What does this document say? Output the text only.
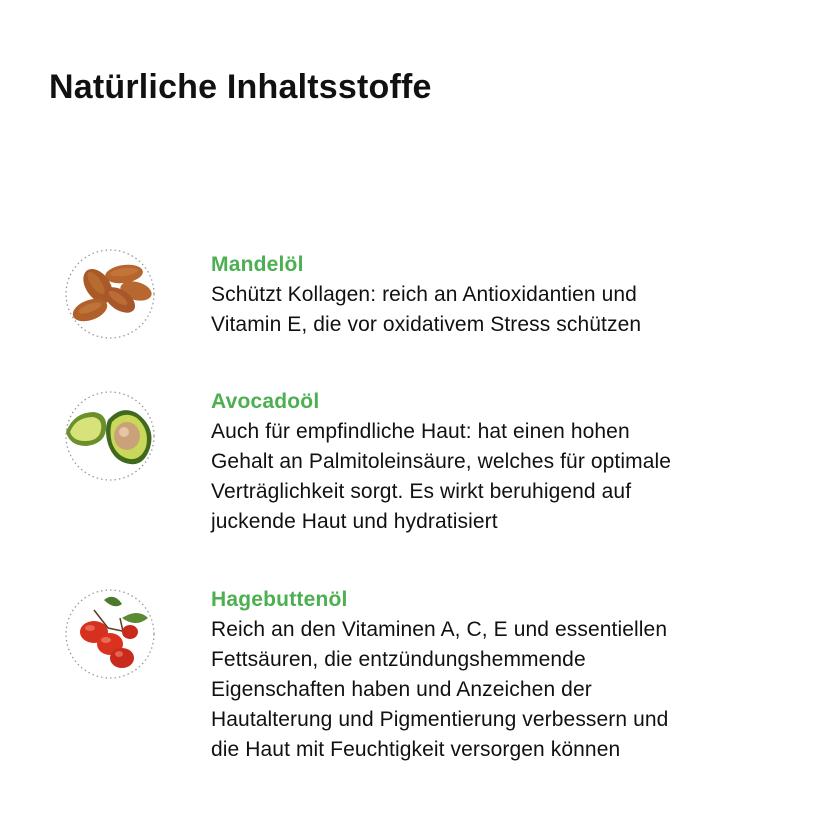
Natürliche Inhaltsstoffe
Mandelöl

Schützt Kollagen: reich an Antioxidantien und
Vitamin E, die vor oxidativem Stress schützen

Avocadoöl

Auch für empfindliche Haut: hat einen hohen
Gehalt an Palmitoleinsäure, welches für optimale
Verträglichkeit sorgt. Es wirkt beruhigend auf
juckende Haut und hydratisiert

Hagebuttenöl

Reich an den Vitaminen A, C, E und essentiellen
Fettsäuren, die entzündungshemmende
Eigenschaften haben und Anzeichen der
Hautalterung und Pigmentierung verbessern und
die Haut mit Feuchtigkeit versorgen können
